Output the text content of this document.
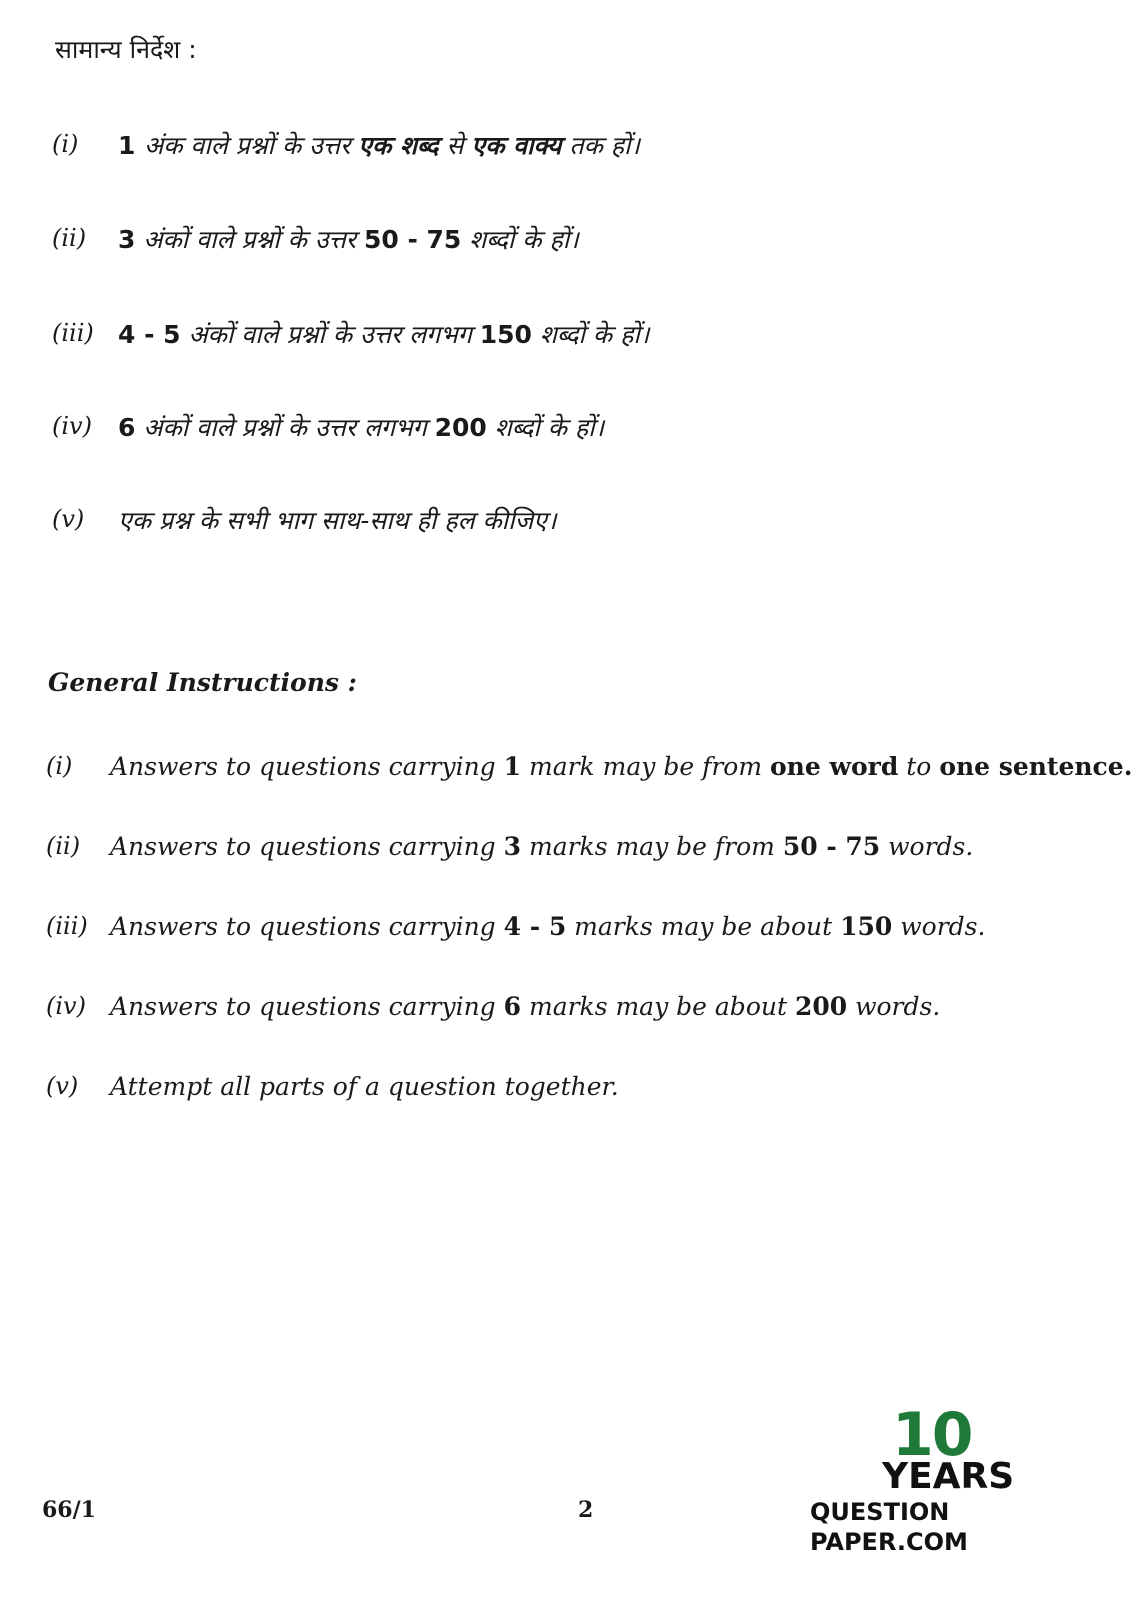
सामान्य निर्देश :
(i) 1 अंक वाले प्रश्नों के उत्तर एक शब्द से एक वाक्य तक हों।
(ii) 3 अंकों वाले प्रश्नों के उत्तर 50 - 75 शब्दों के हों।
(iii) 4 - 5 अंकों वाले प्रश्नों के उत्तर लगभग 150 शब्दों के हों।
(iv) 6 अंकों वाले प्रश्नों के उत्तर लगभग 200 शब्दों के हों।
(v) एक प्रश्न के सभी भाग साथ-साथ ही हल कीजिए।
General Instructions :
(i) Answers to questions carrying 1 mark may be from one word to one sentence.
(ii) Answers to questions carrying 3 marks may be from 50 - 75 words.
(iii) Answers to questions carrying 4 - 5 marks may be about 150 words.
(iv) Answers to questions carrying 6 marks may be about 200 words.
(v) Attempt all parts of a question together.
66/1	2
10
YEARS
QUESTION PAPER.COM
